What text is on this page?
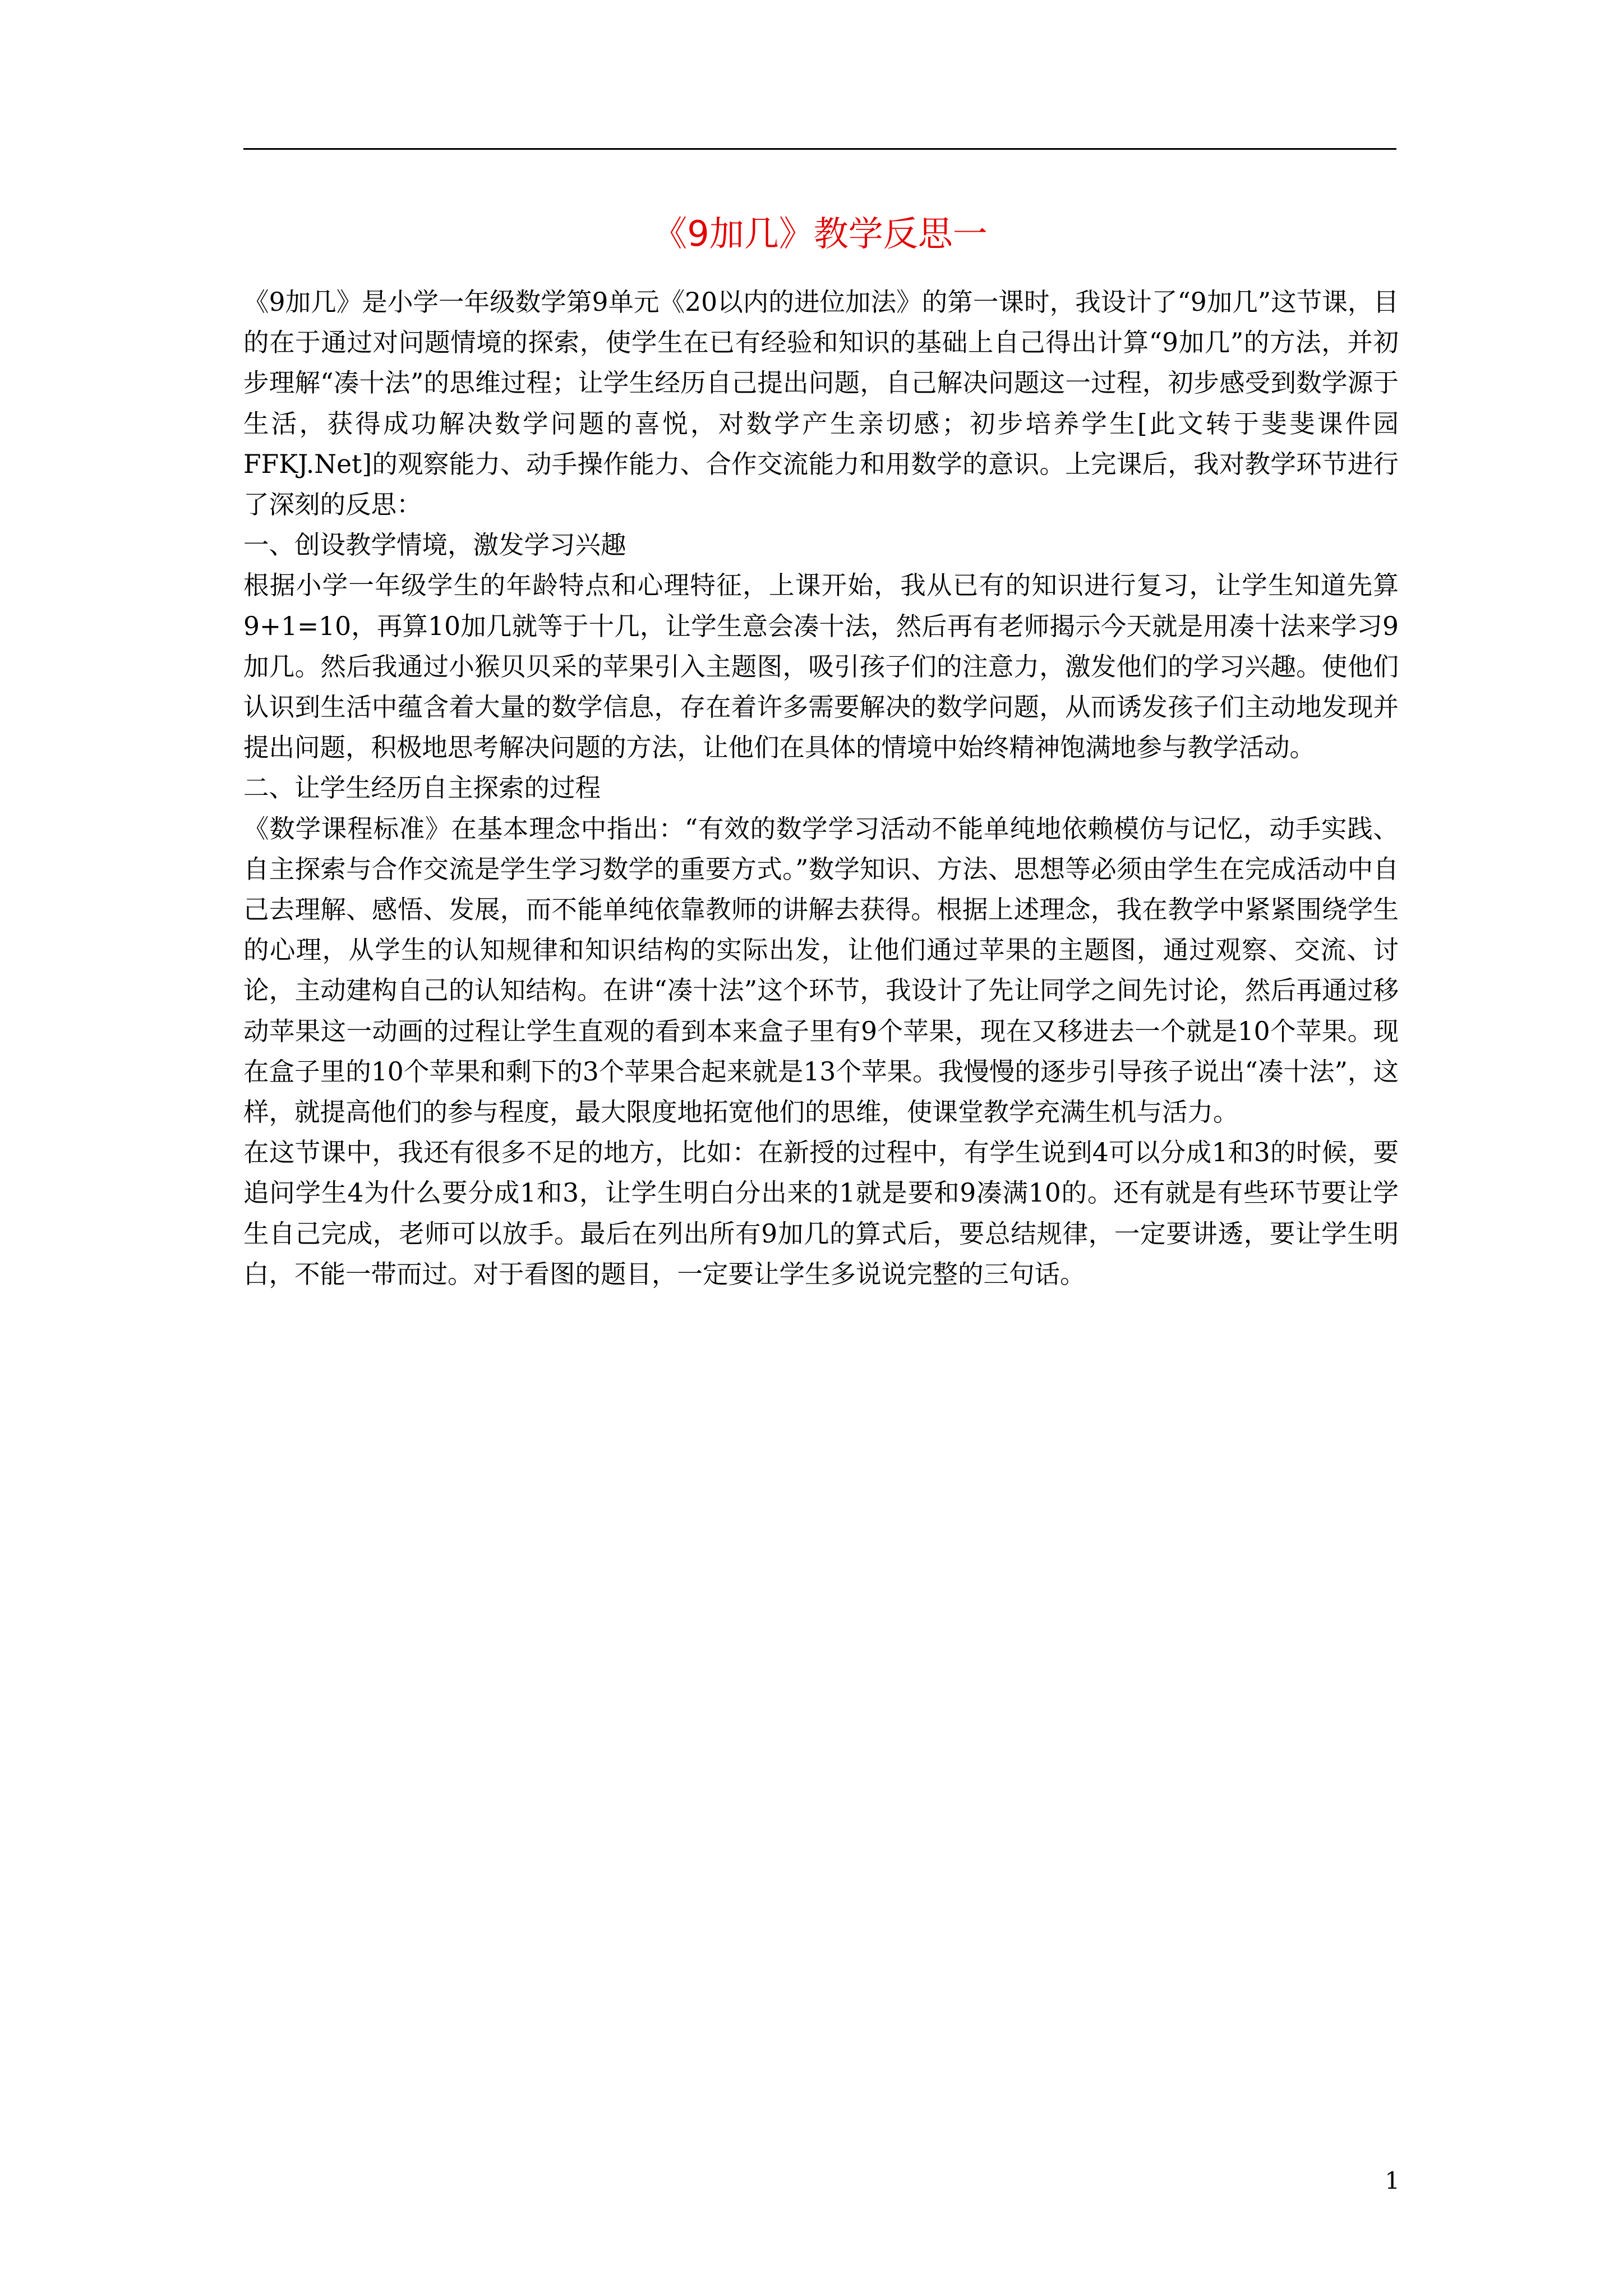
《9加几》教学反思一

《9加几》是小学一年级数学第9单元《20以内的进位加法》的第一课时，我设计了“9加几”这节课，目的在于通过对问题情境的探索，使学生在已有经验和知识的基础上自己得出计算“9加几”的方法，并初步理解“凑十法”的思维过程；让学生经历自己提出问题，自己解决问题这一过程，初步感受到数学源于生活，获得成功解决数学问题的喜悦，对数学产生亲切感；初步培养学生[此文转于斐斐课件园　FFKJ.Net]的观察能力、动手操作能力、合作交流能力和用数学的意识。上完课后，我对教学环节进行了深刻的反思：

一、创设教学情境，激发学习兴趣

根据小学一年级学生的年龄特点和心理特征，上课开始，我从已有的知识进行复习，让学生知道先算9+1=10，再算10加几就等于十几，让学生意会凑十法，然后再有老师揭示今天就是用凑十法来学习9加几。然后我通过小猴贝贝采的苹果引入主题图，吸引孩子们的注意力，激发他们的学习兴趣。使他们认识到生活中蕴含着大量的数学信息，存在着许多需要解决的数学问题，从而诱发孩子们主动地发现并提出问题，积极地思考解决问题的方法，让他们在具体的情境中始终精神饱满地参与教学活动。

二、让学生经历自主探索的过程

《数学课程标准》在基本理念中指出：“有效的数学学习活动不能单纯地依赖模仿与记忆，动手实践、自主探索与合作交流是学生学习数学的重要方式。”数学知识、方法、思想等必须由学生在完成活动中自己去理解、感悟、发展，而不能单纯依靠教师的讲解去获得。根据上述理念，我在教学中紧紧围绕学生的心理，从学生的认知规律和知识结构的实际出发，让他们通过苹果的主题图，通过观察、交流、讨论，主动建构自己的认知结构。在讲“凑十法”这个环节，我设计了先让同学之间先讨论，然后再通过移动苹果这一动画的过程让学生直观的看到本来盒子里有9个苹果，现在又移进去一个就是10个苹果。现在盒子里的10个苹果和剩下的3个苹果合起来就是13个苹果。我慢慢的逐步引导孩子说出“凑十法”，这样，就提高他们的参与程度，最大限度地拓宽他们的思维，使课堂教学充满生机与活力。

在这节课中，我还有很多不足的地方，比如：在新授的过程中，有学生说到4可以分成1和3的时候，要追问学生4为什么要分成1和3，让学生明白分出来的1就是要和9凑满10的。还有就是有些环节要让学生自己完成，老师可以放手。最后在列出所有9加几的算式后，要总结规律，一定要讲透，要让学生明白，不能一带而过。对于看图的题目，一定要让学生多说说完整的三句话。

1
